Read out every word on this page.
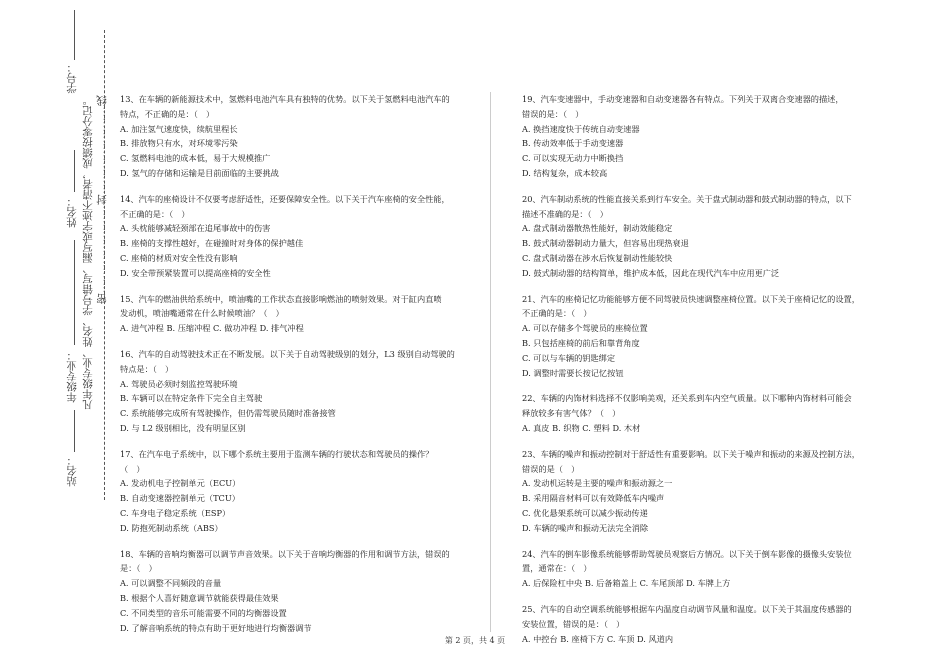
学号：
姓名：
年级专业：
站名：
凡年级专业、姓名、学号错写、漏写或字迹不清者，成绩按零分记。 密……………………封……………………线 13、在车辆的新能源技术中，氢燃料电池汽车具有独特的优势。以下关于氢燃料电池汽车的

特点，不正确的是：（　）

A. 加注氢气速度快，续航里程长

B. 排放物只有水，对环境零污染

C. 氢燃料电池的成本低，易于大规模推广

D. 氢气的存储和运输是目前面临的主要挑战

14、汽车的座椅设计不仅要考虑舒适性，还要保障安全性。以下关于汽车座椅的安全性能，

不正确的是：（　）

A. 头枕能够减轻颈部在追尾事故中的伤害

B. 座椅的支撑性越好，在碰撞时对身体的保护越佳

C. 座椅的材质对安全性没有影响

D. 安全带预紧装置可以提高座椅的安全性

15、汽车的燃油供给系统中，喷油嘴的工作状态直接影响燃油的喷射效果。对于缸内直喷

发动机，喷油嘴通常在什么时候喷油？（　）

A. 进气冲程 B. 压缩冲程 C. 做功冲程 D. 排气冲程

16、汽车的自动驾驶技术正在不断发展。以下关于自动驾驶级别的划分，L3 级别自动驾驶的

特点是：（　）

A. 驾驶员必须时刻监控驾驶环境

B. 车辆可以在特定条件下完全自主驾驶

C. 系统能够完成所有驾驶操作，但仍需驾驶员随时准备接管

D. 与 L2 级别相比，没有明显区别

17、在汽车电子系统中，以下哪个系统主要用于监测车辆的行驶状态和驾驶员的操作？

（　）

A. 发动机电子控制单元（ECU）

B. 自动变速器控制单元（TCU）

C. 车身电子稳定系统（ESP）

D. 防抱死制动系统（ABS）

18、车辆的音响均衡器可以调节声音效果。以下关于音响均衡器的作用和调节方法，错误的

是：（　）

A. 可以调整不同频段的音量

B. 根据个人喜好随意调节就能获得最佳效果

C. 不同类型的音乐可能需要不同的均衡器设置

D. 了解音响系统的特点有助于更好地进行均衡器调节

19、汽车变速器中，手动变速器和自动变速器各有特点。下列关于双离合变速器的描述，

错误的是：（　）

A. 换挡速度快于传统自动变速器

B. 传动效率低于手动变速器

C. 可以实现无动力中断换挡

D. 结构复杂，成本较高

20、汽车制动系统的性能直接关系到行车安全。关于盘式制动器和鼓式制动器的特点，以下

描述不准确的是：（　）

A. 盘式制动器散热性能好，制动效能稳定

B. 鼓式制动器制动力量大，但容易出现热衰退

C. 盘式制动器在涉水后恢复制动性能较快

D. 鼓式制动器的结构简单，维护成本低，因此在现代汽车中应用更广泛

21、汽车的座椅记忆功能能够方便不同驾驶员快速调整座椅位置。以下关于座椅记忆的设置，

不正确的是：（　）

A. 可以存储多个驾驶员的座椅位置

B. 只包括座椅的前后和靠背角度

C. 可以与车辆的钥匙绑定

D. 调整时需要长按记忆按钮

22、车辆的内饰材料选择不仅影响美观，还关系到车内空气质量。以下哪种内饰材料可能会

释放较多有害气体？（　）

A. 真皮 B. 织物 C. 塑料 D. 木材

23、车辆的噪声和振动控制对于舒适性有重要影响。以下关于噪声和振动的来源及控制方法，

错误的是（　）

A. 发动机运转是主要的噪声和振动源之一

B. 采用隔音材料可以有效降低车内噪声

C. 优化悬架系统可以减少振动传递

D. 车辆的噪声和振动无法完全消除

24、汽车的倒车影像系统能够帮助驾驶员观察后方情况。以下关于倒车影像的摄像头安装位

置，通常在：（　）

A. 后保险杠中央 B. 后备箱盖上 C. 车尾顶部 D. 车牌上方

25、汽车的自动空调系统能够根据车内温度自动调节风量和温度。以下关于其温度传感器的

安装位置，错误的是：（　）

A. 中控台 B. 座椅下方 C. 车顶 D. 风道内

第 2 页，共 4 页
